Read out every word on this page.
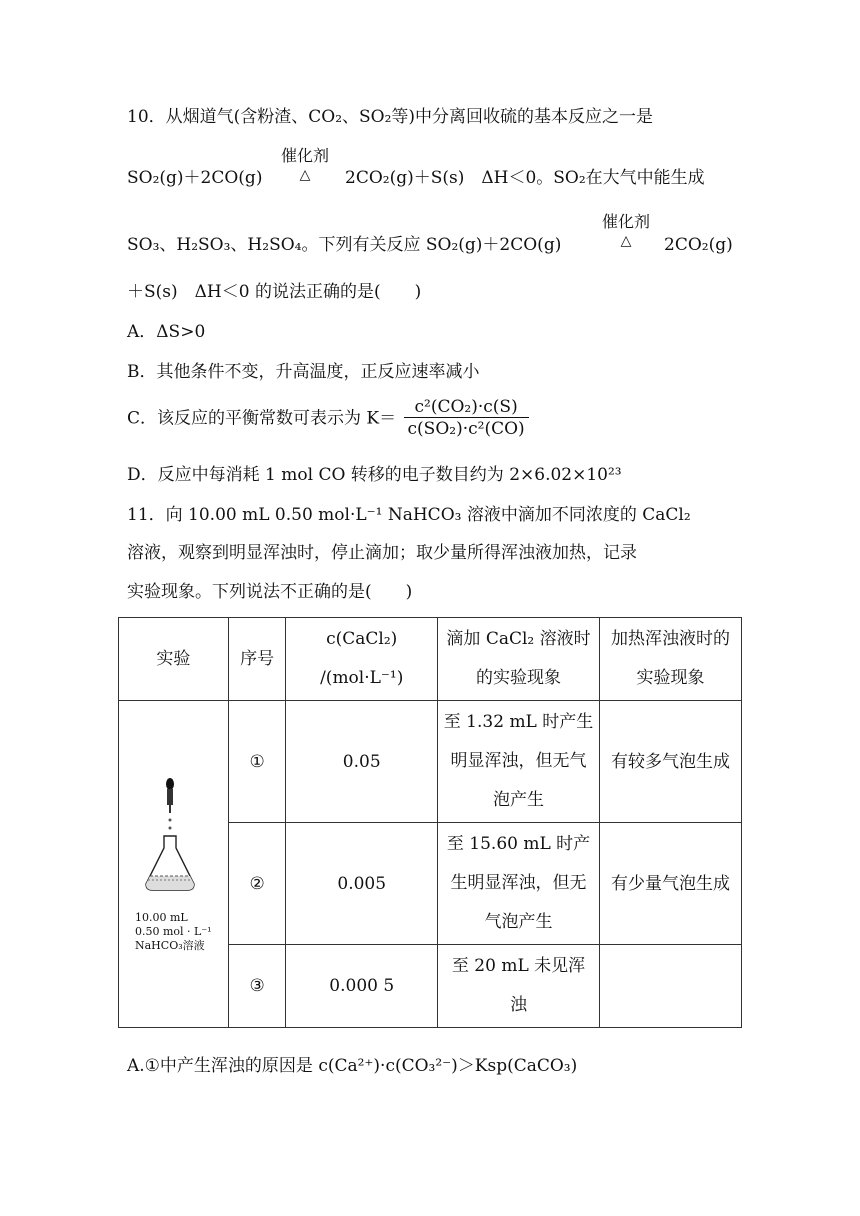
10．从烟道气(含粉渣、CO₂、SO₂等)中分离回收硫的基本反应之一是
SO₂(g)＋2CO(g)
催化剂
△	2CO₂(g)＋S(s)　ΔH＜0。SO₂在大气中能生成
SO₃、H₂SO₃、H₂SO₄。下列有关反应 SO₂(g)＋2CO(g)
催化剂
△	2CO₂(g)
＋S(s)　ΔH＜0 的说法正确的是(　　)
A．ΔS>0
B．其他条件不变，升高温度，正反应速率减小
C．该反应的平衡常数可表示为 $K= \frac{\text{c²(CO₂)·c(S)}}{\text{c(SO₂)·c²(CO)}}$
D．反应中每消耗 1 mol CO 转移的电子数目约为 2×6.02×10²³
11．向 10.00 mL 0.50 mol·L⁻¹ NaHCO₃ 溶液中滴加不同浓度的 CaCl₂
溶液，观察到明显浑浊时，停止滴加；取少量所得浑浊液加热，记录
实验现象。下列说法不正确的是(　　)
实验	序号	c(CaCl₂) /(mol·L⁻¹)	滴加 CaCl₂ 溶液时的实验现象	加热浑浊液时的实验现象

10.00 mL
0.50 mol · L⁻¹
NaHCO₃溶液	①	0.05	至 1.32 mL 时产生明显浑浊，但无气泡产生	有较多气泡生成
	②	0.005	至 15.60 mL 时产生明显浑浊，但无气泡产生	有少量气泡生成
	③	0.000 5	至 20 mL 未见浑浊	
A.①中产生浑浊的原因是 c(Ca²⁺)·c(CO₃²⁻)＞Ksp(CaCO₃)
